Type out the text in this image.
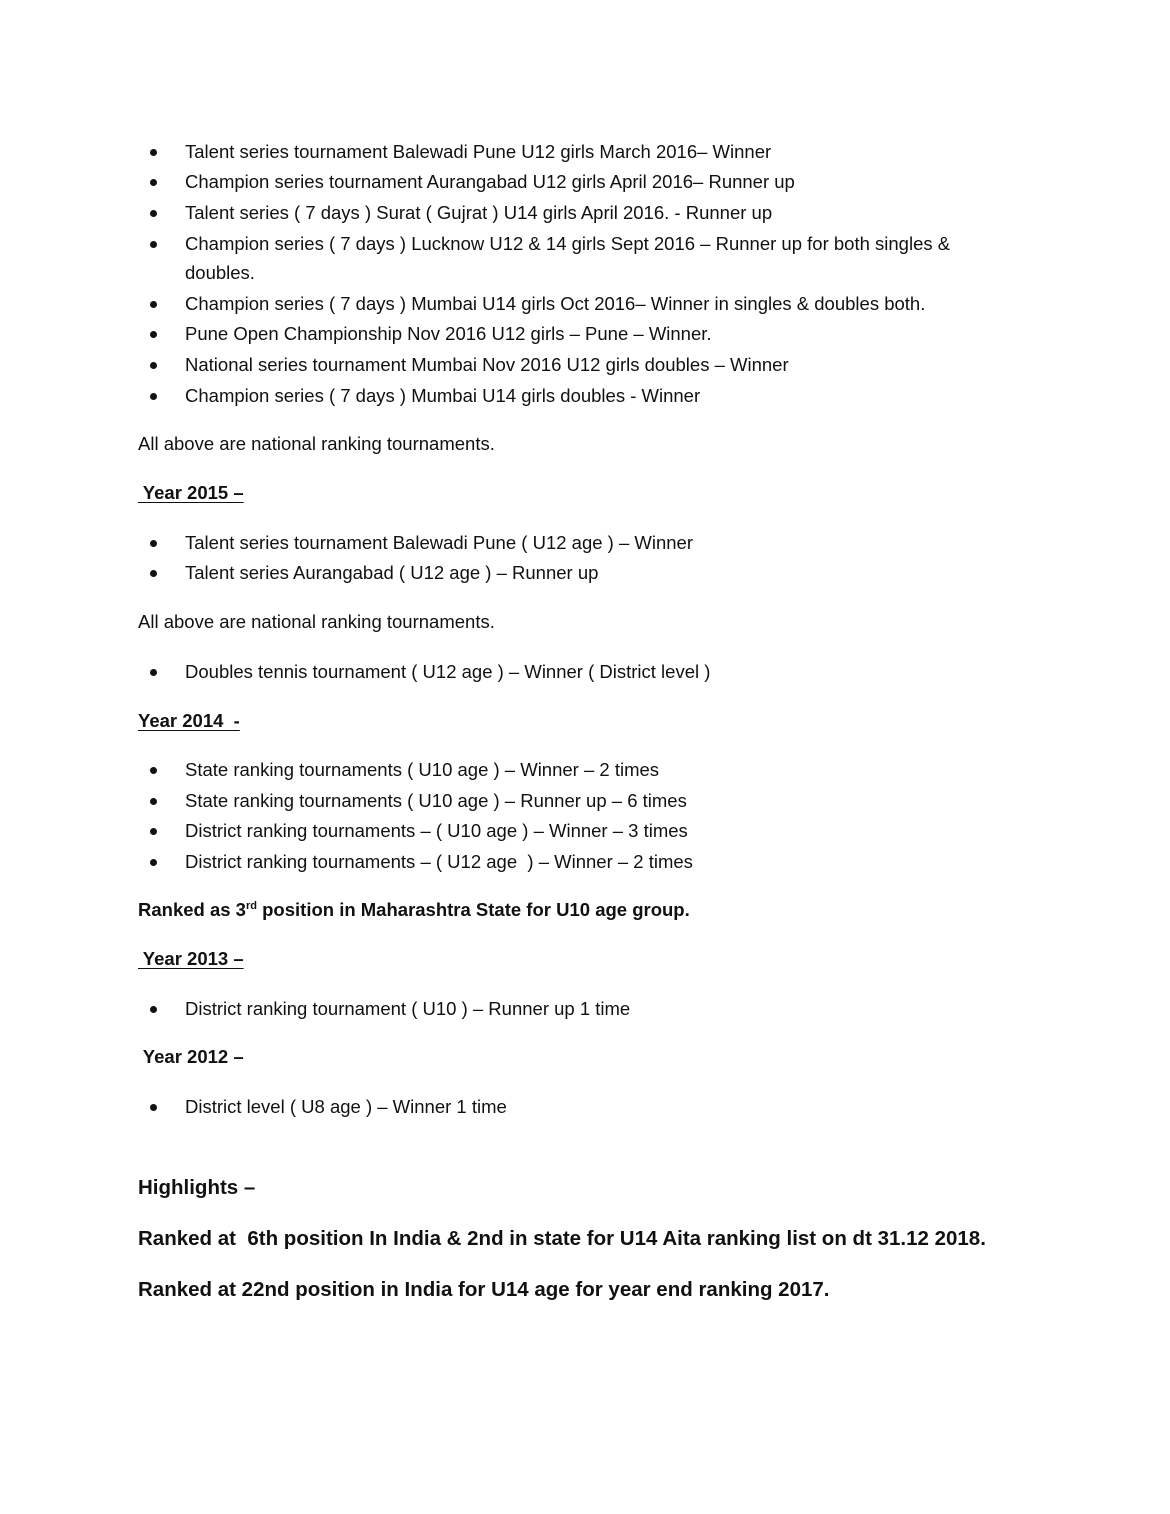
Talent series tournament Balewadi Pune U12 girls March 2016– Winner
Champion series tournament Aurangabad U12 girls April 2016– Runner up
Talent series ( 7 days ) Surat ( Gujrat ) U14 girls April 2016. - Runner up
Champion series ( 7 days ) Lucknow U12 & 14 girls Sept 2016 – Runner up for both singles &
doubles.
Champion series ( 7 days ) Mumbai U14 girls Oct 2016– Winner in singles & doubles both.
Pune Open Championship Nov 2016 U12 girls – Pune – Winner.
National series tournament Mumbai Nov 2016 U12 girls doubles – Winner
Champion series ( 7 days ) Mumbai U14 girls doubles - Winner
All above are national ranking tournaments.
Year 2015 –
Talent series tournament Balewadi Pune ( U12 age ) – Winner
Talent series Aurangabad ( U12 age ) – Runner up
All above are national ranking tournaments.
Doubles tennis tournament ( U12 age ) – Winner ( District level )
Year 2014  -
State ranking tournaments ( U10 age ) – Winner – 2 times
State ranking tournaments ( U10 age ) – Runner up – 6 times
District ranking tournaments – ( U10 age ) – Winner – 3 times
District ranking tournaments – ( U12 age  ) – Winner – 2 times
Ranked as 3rd position in Maharashtra State for U10 age group.
Year 2013 –
District ranking tournament ( U10 ) – Runner up 1 time
Year 2012 –
District level ( U8 age ) – Winner 1 time
Highlights –
Ranked at  6th position In India & 2nd in state for U14 Aita ranking list on dt 31.12 2018.
Ranked at 22nd position in India for U14 age for year end ranking 2017.
